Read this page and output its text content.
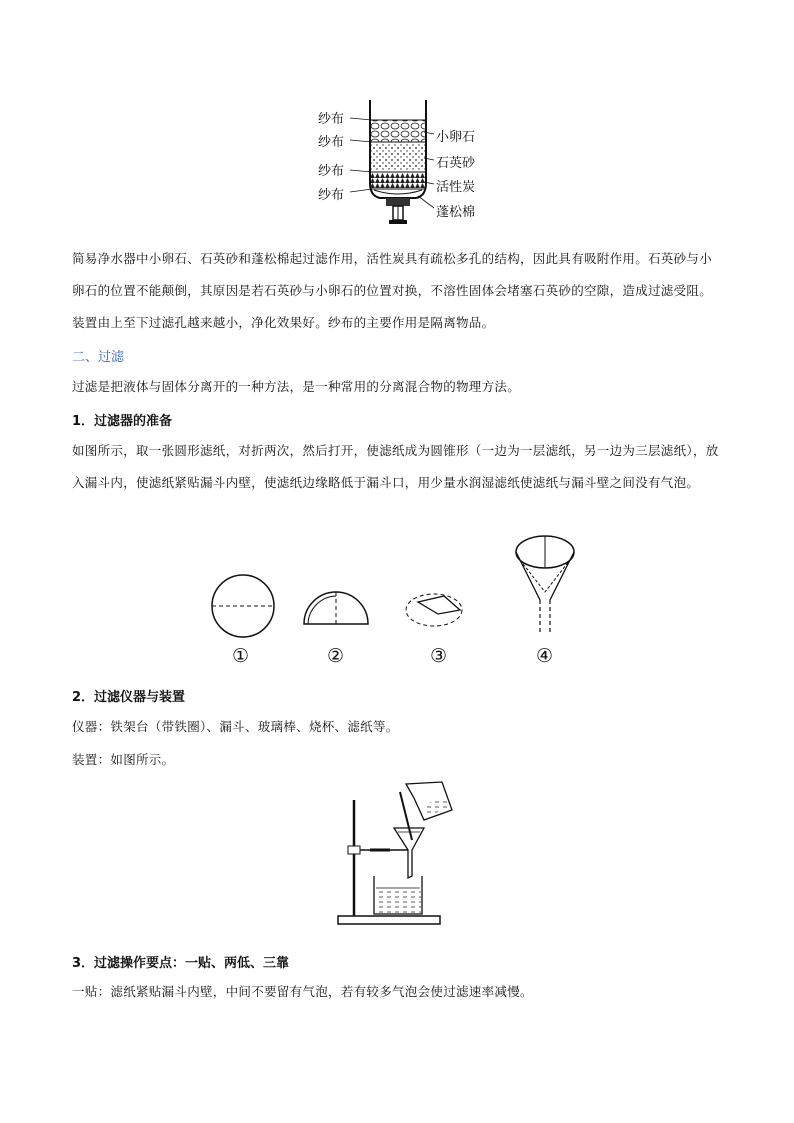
纱布
纱布
纱布
纱布
小卵石
石英砂
活性炭
蓬松棉
简易净水器中小卵石、石英砂和蓬松棉起过滤作用，活性炭具有疏松多孔的结构，因此具有吸附作用。石英砂与小卵石的位置不能颠倒，其原因是若石英砂与小卵石的位置对换，不溶性固体会堵塞石英砂的空隙，造成过滤受阻。装置由上至下过滤孔越来越小，净化效果好。纱布的主要作用是隔离物品。
二、过滤
过滤是把液体与固体分离开的一种方法，是一种常用的分离混合物的物理方法。
1．过滤器的准备
如图所示，取一张圆形滤纸，对折两次，然后打开，使滤纸成为圆锥形（一边为一层滤纸，另一边为三层滤纸），放入漏斗内，使滤纸紧贴漏斗内壁，使滤纸边缘略低于漏斗口，用少量水润湿滤纸使滤纸与漏斗壁之间没有气泡。
①	②	③	④
2．过滤仪器与装置
仪器：铁架台（带铁圈）、漏斗、玻璃棒、烧杯、滤纸等。
装置：如图所示。
3．过滤操作要点：一贴、两低、三靠
一贴：滤纸紧贴漏斗内壁，中间不要留有气泡，若有较多气泡会使过滤速率减慢。
